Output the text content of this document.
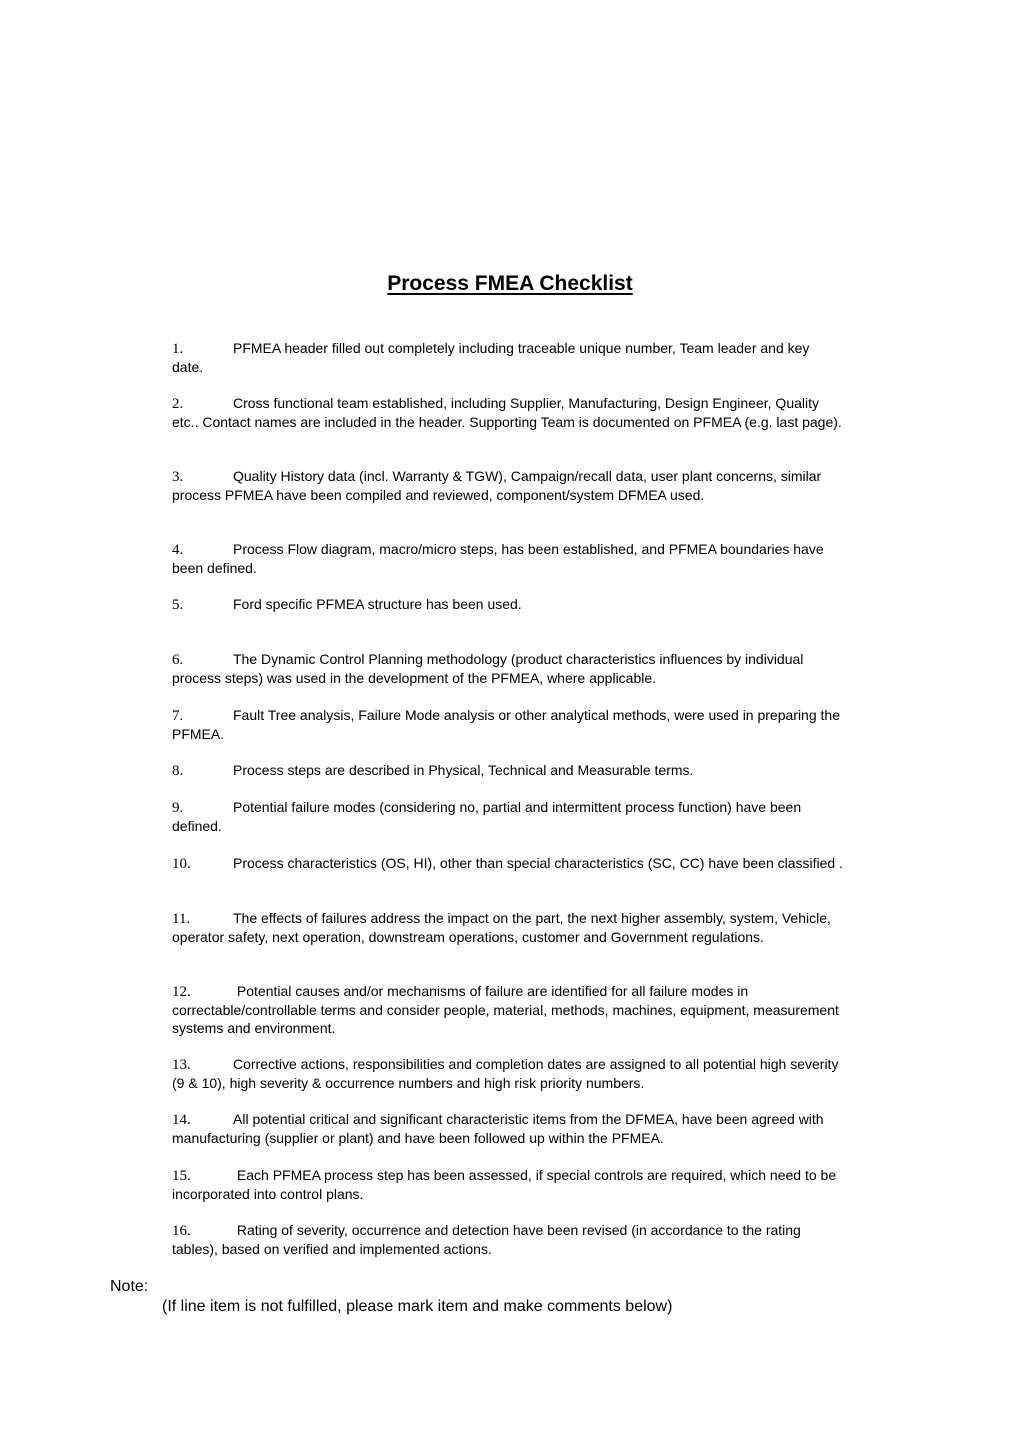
Process FMEA Checklist
1.	PFMEA header filled out completely including traceable unique number, Team leader and key date.
2.	Cross functional team established, including Supplier, Manufacturing, Design Engineer, Quality etc.. Contact names are included in the header. Supporting Team is documented on PFMEA (e.g. last page).
3.	Quality History data (incl. Warranty & TGW), Campaign/recall data, user plant concerns, similar process PFMEA have been compiled and reviewed, component/system DFMEA used.
4.	Process Flow diagram, macro/micro steps, has been established, and PFMEA boundaries have been defined.
5.	Ford specific PFMEA structure has been used.
6.	The Dynamic Control Planning methodology (product characteristics influences by individual process steps) was used in the development of the PFMEA, where applicable.
7.	Fault Tree analysis, Failure Mode analysis or other analytical methods, were used in preparing the PFMEA.
8.	Process steps are described in Physical, Technical and Measurable terms.
9.	Potential failure modes (considering no, partial and intermittent process function) have been defined.
10.	Process characteristics (OS, HI), other than special characteristics (SC, CC) have been classified .
11.	The effects of failures address the impact on the part, the next higher assembly, system, Vehicle, operator safety, next operation, downstream operations, customer and Government regulations.
12.	Potential causes and/or mechanisms of failure are identified for all failure modes in correctable/controllable terms and consider people, material, methods, machines, equipment, measurement systems and environment.
13.	Corrective actions, responsibilities and completion dates are assigned to all potential high severity (9 & 10), high severity & occurrence numbers and high risk priority numbers.
14.	All potential critical and significant characteristic items from the DFMEA, have been agreed with manufacturing (supplier or plant) and have been followed up within the PFMEA.
15.	Each PFMEA process step has been assessed, if special controls are required, which need to be incorporated into control plans.
16.	Rating of severity, occurrence and detection have been revised (in accordance to the rating tables), based on verified and implemented actions.
Note:
(If line item is not fulfilled, please mark item and make comments below)
